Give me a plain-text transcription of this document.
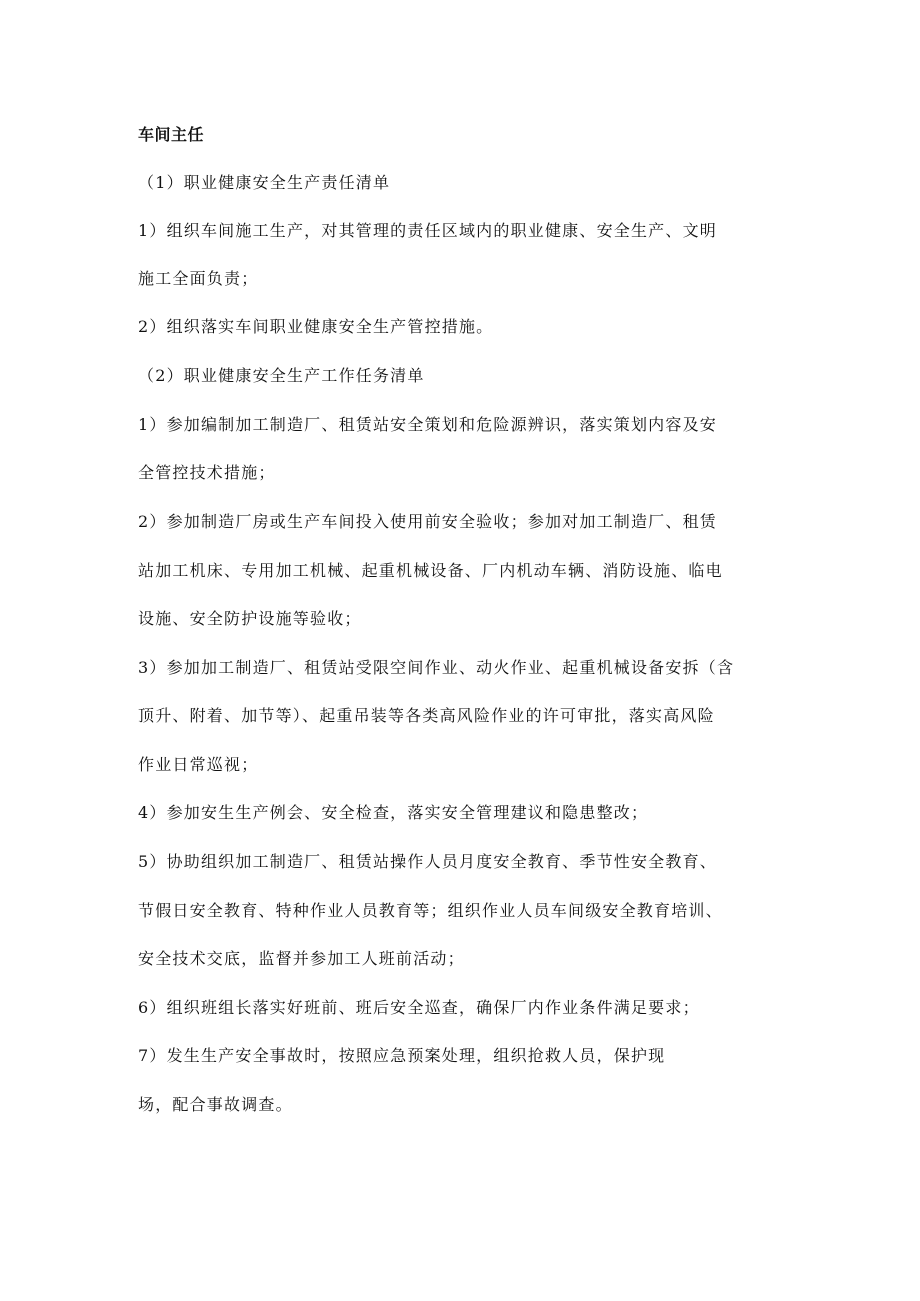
车间主任
（1）职业健康安全生产责任清单
1）组织车间施工生产，对其管理的责任区域内的职业健康、安全生产、文明
施工全面负责；
2）组织落实车间职业健康安全生产管控措施。
（2）职业健康安全生产工作任务清单
1）参加编制加工制造厂、租赁站安全策划和危险源辨识，落实策划内容及安
全管控技术措施；
2）参加制造厂房或生产车间投入使用前安全验收；参加对加工制造厂、租赁
站加工机床、专用加工机械、起重机械设备、厂内机动车辆、消防设施、临电
设施、安全防护设施等验收；
3）参加加工制造厂、租赁站受限空间作业、动火作业、起重机械设备安拆（含
顶升、附着、加节等）、起重吊装等各类高风险作业的许可审批，落实高风险
作业日常巡视；
4）参加安生生产例会、安全检查，落实安全管理建议和隐患整改；
5）协助组织加工制造厂、租赁站操作人员月度安全教育、季节性安全教育、
节假日安全教育、特种作业人员教育等；组织作业人员车间级安全教育培训、
安全技术交底，监督并参加工人班前活动；
6）组织班组长落实好班前、班后安全巡查，确保厂内作业条件满足要求；
7）发生生产安全事故时，按照应急预案处理，组织抢救人员，保护现
场，配合事故调查。
